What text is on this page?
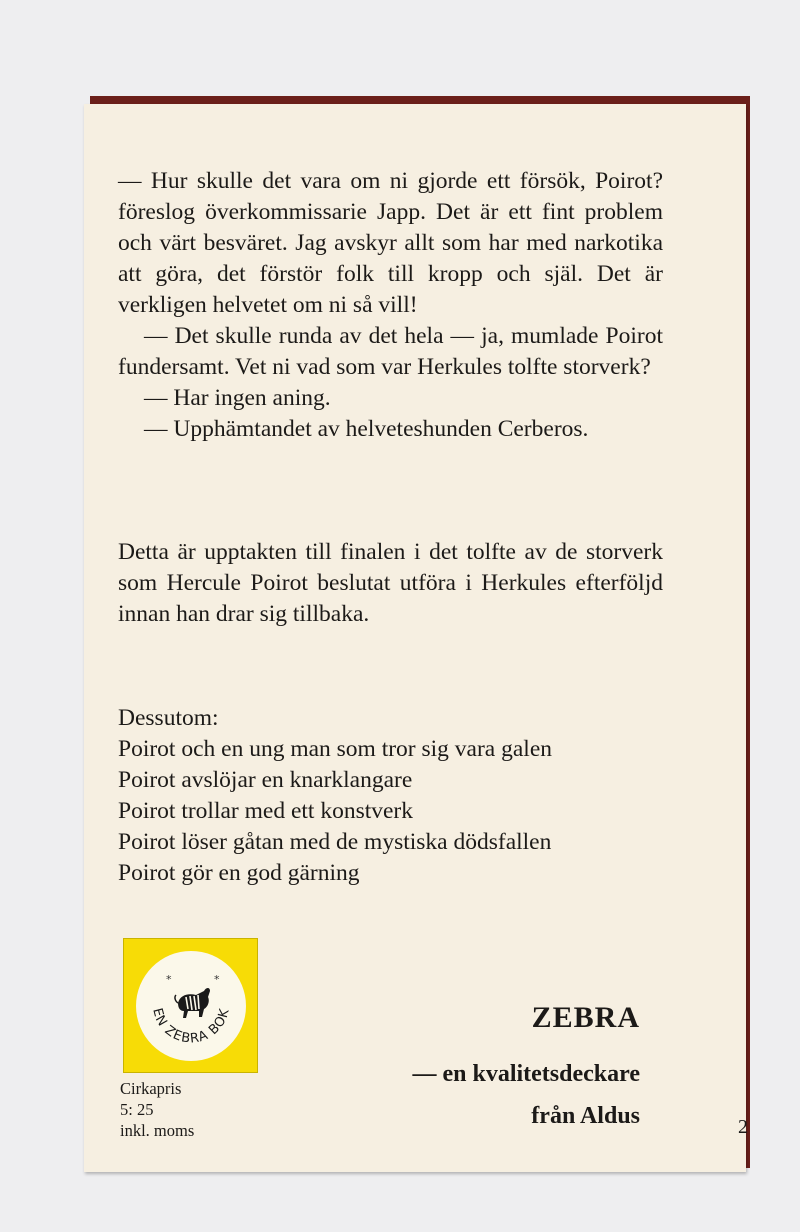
— Hur skulle det vara om ni gjorde ett försök, Poirot? föreslog överkommissarie Japp. Det är ett fint problem och värt besväret. Jag avskyr allt som har med narkotika att göra, det förstör folk till kropp och själ. Det är verkligen helvetet om ni så vill!

— Det skulle runda av det hela — ja, mumlade Poirot fundersamt. Vet ni vad som var Herkules tolfte storverk?

— Har ingen aning.

— Upphämtandet av helveteshunden Cerberos.

Detta är upptakten till finalen i det tolfte av de storverk som Hercule Poirot beslutat utföra i Herkules efterföljd innan han drar sig tillbaka.

Dessutom:
Poirot och en ung man som tror sig vara galen
Poirot avslöjar en knarklangare
Poirot trollar med ett konstverk
Poirot löser gåtan med de mystiska dödsfallen
Poirot gör en god gärning
EN ZEBRA BOK
*	*
Cirkapris
5: 25
inkl. moms
ZEBRA
— en kvalitetsdeckare
från Aldus	2
